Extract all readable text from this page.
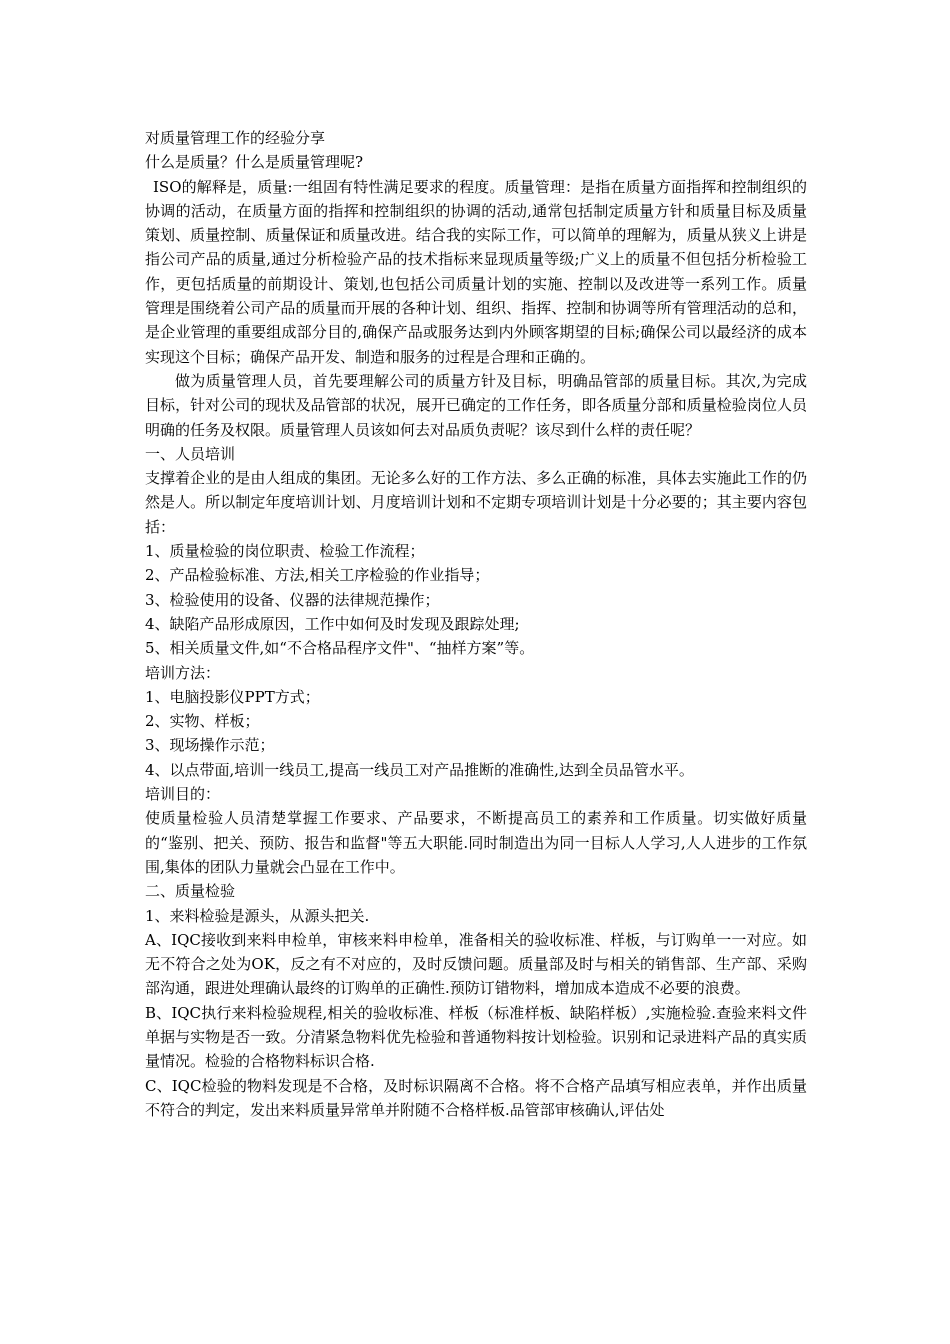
对质量管理工作的经验分享

什么是质量？什么是质量管理呢?

ISO的解释是，质量:一组固有特性满足要求的程度。质量管理：是指在质量方面指挥和控制组织的协调的活动，在质量方面的指挥和控制组织的协调的活动,通常包括制定质量方针和质量目标及质量策划、质量控制、质量保证和质量改进。结合我的实际工作，可以简单的理解为，质量从狭义上讲是指公司产品的质量,通过分析检验产品的技术指标来显现质量等级;广义上的质量不但包括分析检验工作，更包括质量的前期设计、策划,也包括公司质量计划的实施、控制以及改进等一系列工作。质量管理是围绕着公司产品的质量而开展的各种计划、组织、指挥、控制和协调等所有管理活动的总和，是企业管理的重要组成部分目的,确保产品或服务达到内外顾客期望的目标;确保公司以最经济的成本实现这个目标；确保产品开发、制造和服务的过程是合理和正确的。

做为质量管理人员，首先要理解公司的质量方针及目标，明确品管部的质量目标。其次,为完成目标，针对公司的现状及品管部的状况，展开已确定的工作任务，即各质量分部和质量检验岗位人员明确的任务及权限。质量管理人员该如何去对品质负责呢？该尽到什么样的责任呢？

一、人员培训

支撑着企业的是由人组成的集团。无论多么好的工作方法、多么正确的标准，具体去实施此工作的仍然是人。所以制定年度培训计划、月度培训计划和不定期专项培训计划是十分必要的；其主要内容包括：

1、质量检验的岗位职责、检验工作流程；

2、产品检验标准、方法,相关工序检验的作业指导；

3、检验使用的设备、仪器的法律规范操作；

4、缺陷产品形成原因，工作中如何及时发现及跟踪处理;

5、相关质量文件,如“不合格品程序文件"、“抽样方案”等。

培训方法：

1、电脑投影仪PPT方式；

2、实物、样板；

3、现场操作示范；

4、以点带面,培训一线员工,提高一线员工对产品推断的准确性,达到全员品管水平。

培训目的：

使质量检验人员清楚掌握工作要求、产品要求，不断提高员工的素养和工作质量。切实做好质量的“鉴别、把关、预防、报告和监督"等五大职能.同时制造出为同一目标人人学习,人人进步的工作氛围,集体的团队力量就会凸显在工作中。

二、质量检验

1、来料检验是源头，从源头把关.

A、IQC接收到来料申检单，审核来料申检单，准备相关的验收标准、样板，与订购单一一对应。如无不符合之处为OK，反之有不对应的，及时反馈问题。质量部及时与相关的销售部、生产部、采购部沟通，跟进处理确认最终的订购单的正确性.预防订错物料，增加成本造成不必要的浪费。

B、IQC执行来料检验规程,相关的验收标准、样板（标准样板、缺陷样板）,实施检验.查验来料文件单据与实物是否一致。分清紧急物料优先检验和普通物料按计划检验。识别和记录进料产品的真实质量情况。检验的合格物料标识合格.

C、IQC检验的物料发现是不合格，及时标识隔离不合格。将不合格产品填写相应表单，并作出质量不符合的判定，发出来料质量异常单并附随不合格样板.品管部审核确认,评估处
